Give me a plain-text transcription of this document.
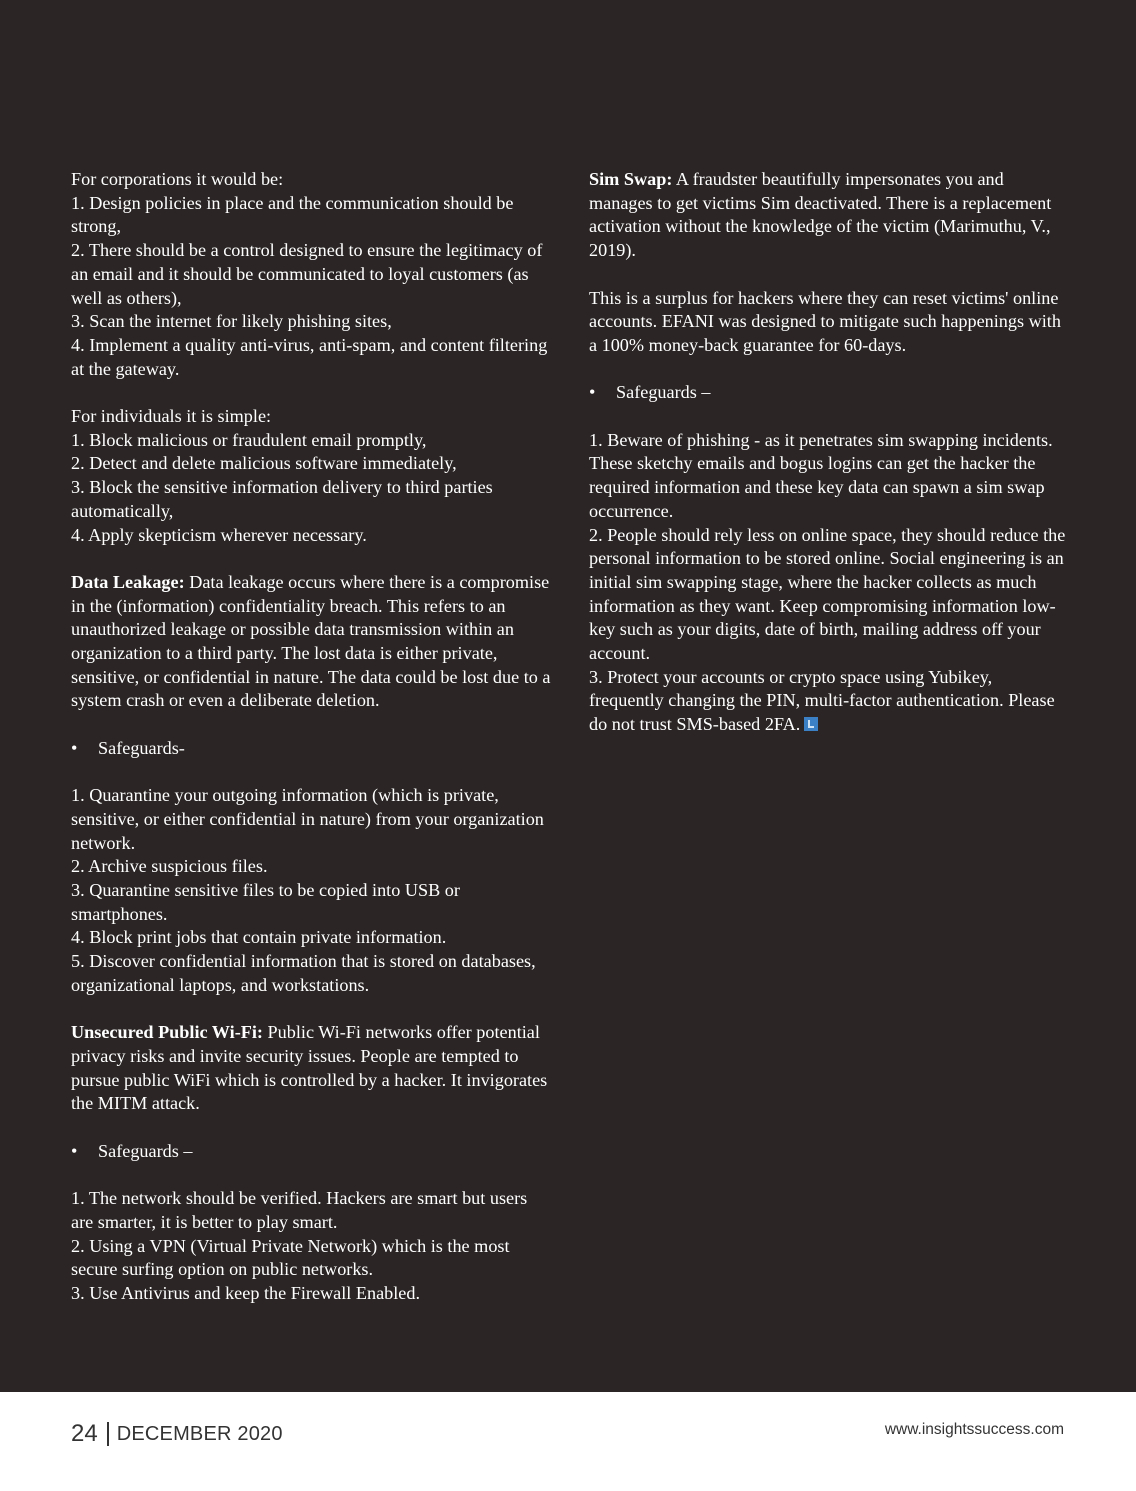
For corporations it would be:

1. Design policies in place and the communication should be strong,

2. There should be a control designed to ensure the legitimacy of an email and it should be communicated to loyal customers (as well as others),

3. Scan the internet for likely phishing sites,

4. Implement a quality anti-virus, anti-spam, and content filtering at the gateway.

For individuals it is simple:

1. Block malicious or fraudulent email promptly,

2. Detect and delete malicious software immediately,

3. Block the sensitive information delivery to third parties automatically,

4. Apply skepticism wherever necessary.

Data Leakage: Data leakage occurs where there is a compromise in the (information) confidentiality breach. This refers to an unauthorized leakage or possible data transmission within an organization to a third party. The lost data is either private, sensitive, or confidential in nature. The data could be lost due to a system crash or even a deliberate deletion.

•	Safeguards-

1. Quarantine your outgoing information (which is private, sensitive, or either confidential in nature) from your organization network.

2. Archive suspicious files.

3. Quarantine sensitive files to be copied into USB or smartphones.

4. Block print jobs that contain private information.

5. Discover confidential information that is stored on databases, organizational laptops, and workstations.

Unsecured Public Wi-Fi: Public Wi-Fi networks offer potential privacy risks and invite security issues. People are tempted to pursue public WiFi which is controlled by a hacker. It invigorates the MITM attack.

•	Safeguards –

1. The network should be verified. Hackers are smart but users are smarter, it is better to play smart.

2. Using a VPN (Virtual Private Network) which is the most secure surfing option on public networks.

3. Use Antivirus and keep the Firewall Enabled.

Sim Swap: A fraudster beautifully impersonates you and manages to get victims Sim deactivated. There is a replacement activation without the knowledge of the victim (Marimuthu, V., 2019).

This is a surplus for hackers where they can reset victims' online accounts. EFANI was designed to mitigate such happenings with a 100% money-back guarantee for 60-days.

•	Safeguards –

1. Beware of phishing - as it penetrates sim swapping incidents. These sketchy emails and bogus logins can get the hacker the required information and these key data can spawn a sim swap occurrence.

2. People should rely less on online space, they should reduce the personal information to be stored online. Social engineering is an initial sim swapping stage, where the hacker collects as much information as they want. Keep compromising information low-key such as your digits, date of birth, mailing address off your account.

3. Protect your accounts or crypto space using Yubikey, frequently changing the PIN, multi-factor authentication. Please do not trust SMS-based 2FA.

24 DECEMBER 2020	www.insightssuccess.com
